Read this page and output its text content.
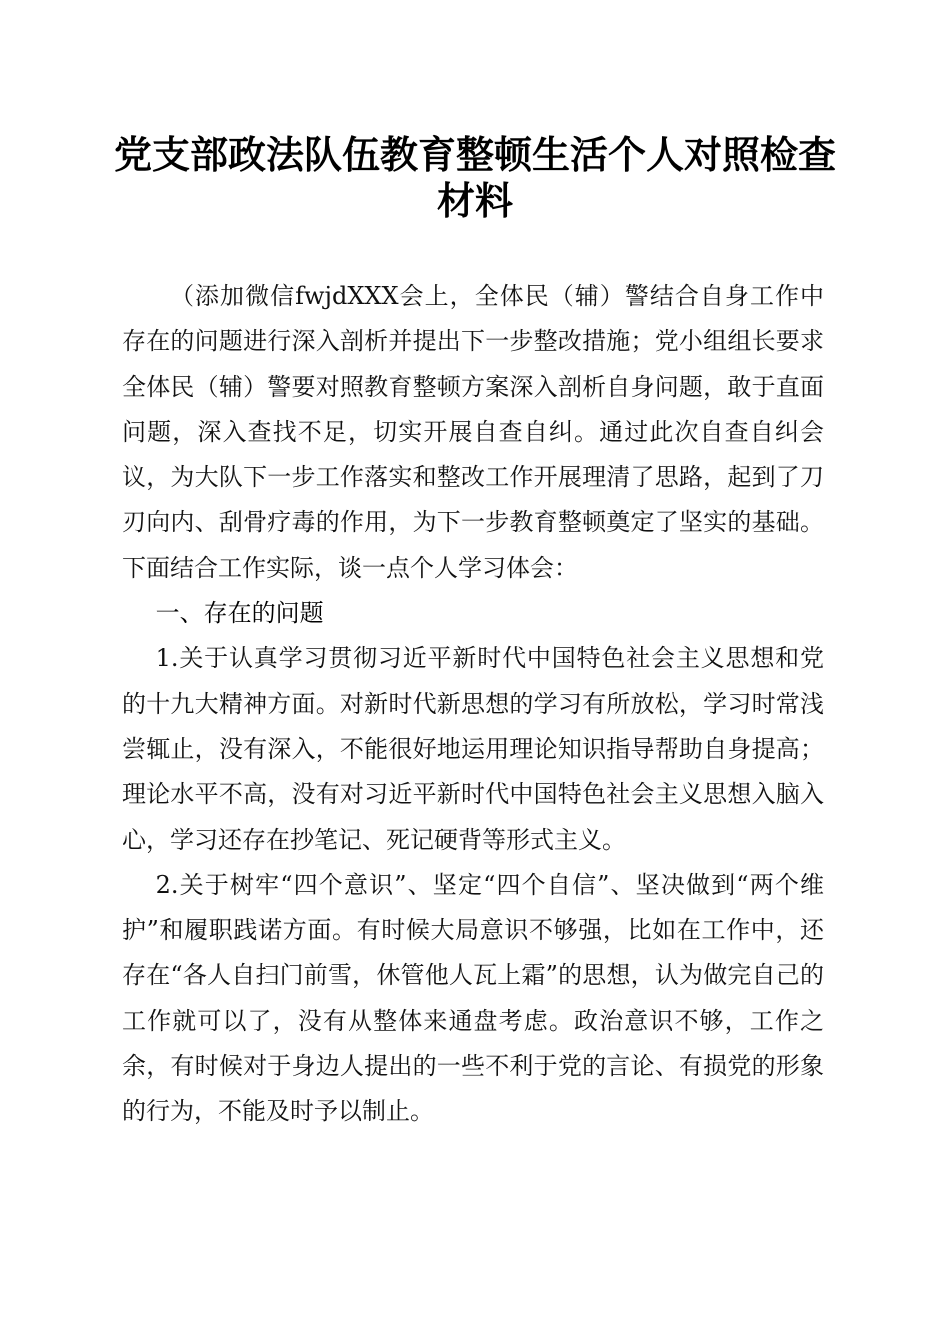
党支部政法队伍教育整顿生活个人对照检查材料

（添加微信fwjdXXX会上，全体民（辅）警结合自身工作中存在的问题进行深入剖析并提出下一步整改措施；党小组组长要求全体民（辅）警要对照教育整顿方案深入剖析自身问题，敢于直面问题，深入查找不足，切实开展自查自纠。通过此次自查自纠会议，为大队下一步工作落实和整改工作开展理清了思路，起到了刀刃向内、刮骨疗毒的作用，为下一步教育整顿奠定了坚实的基础。下面结合工作实际，谈一点个人学习体会：

一、存在的问题

1.关于认真学习贯彻习近平新时代中国特色社会主义思想和党的十九大精神方面。对新时代新思想的学习有所放松，学习时常浅尝辄止，没有深入，不能很好地运用理论知识指导帮助自身提高；理论水平不高，没有对习近平新时代中国特色社会主义思想入脑入心，学习还存在抄笔记、死记硬背等形式主义。

2.关于树牢“四个意识”、坚定“四个自信”、坚决做到“两个维护”和履职践诺方面。有时候大局意识不够强，比如在工作中，还存在“各人自扫门前雪，休管他人瓦上霜”的思想，认为做完自己的工作就可以了，没有从整体来通盘考虑。政治意识不够，工作之余，有时候对于身边人提出的一些不利于党的言论、有损党的形象的行为，不能及时予以制止。
